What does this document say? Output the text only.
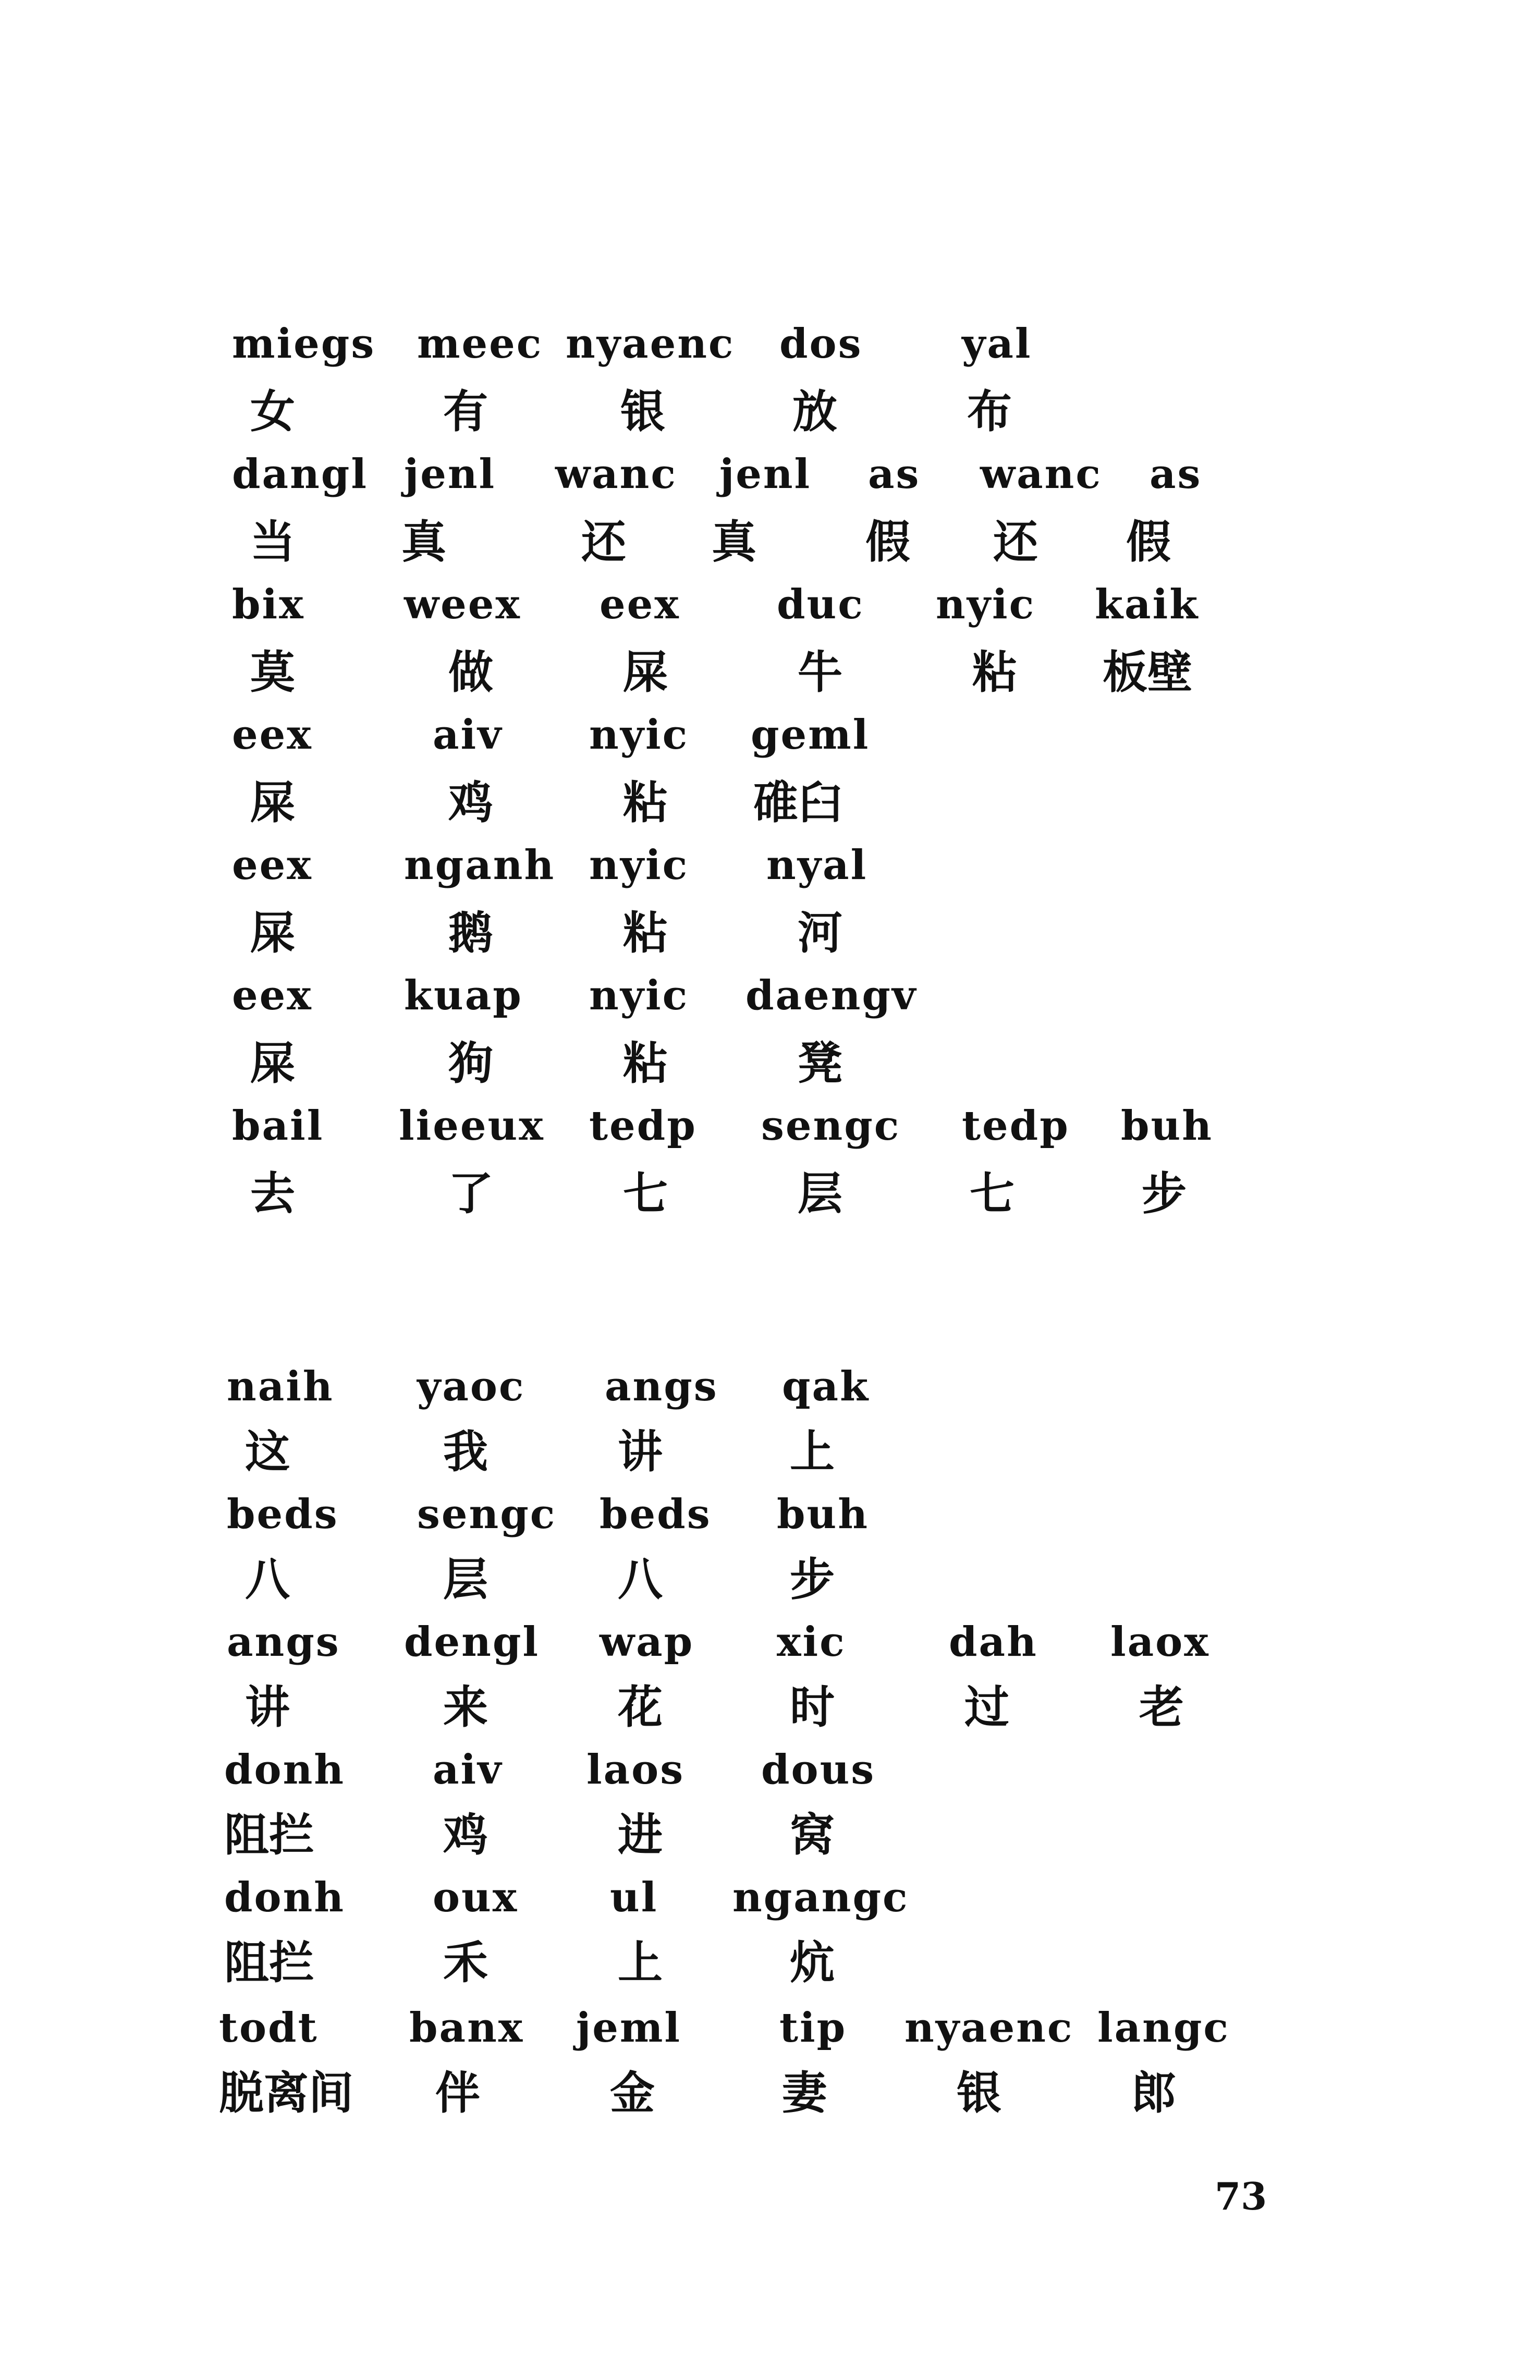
miegs meec nyaenc dos yal
女	有	银	放	布
dangl jenl wanc jenl as wanc as
当 真	还 真 假 还 假
bix weex eex duc nyic kaik
莫	做	屎	牛	粘 板壁
eex	aiv nyic geml
屎	鸡	粘 碓臼
eex nganh nyic nyal
屎	鹅	粘	河
eex kuap nyic daengv
屎	狗	粘	凳
bail lieeux tedp sengc tedp buh
去	了	七	层	七	步
naih yaoc angs qak
这	我	讲	上
beds sengc beds buh
八	层	八	步
angs dengl wap xic	dah laox
讲	来	花	时	过	老
donh aiv laos dous
阻拦	鸡	进	窝
donh oux ul ngangc
阻拦	禾	上	炕
todt banx jeml tip nyaenc langc
脱离间 伴	金	妻	银	郎
73
